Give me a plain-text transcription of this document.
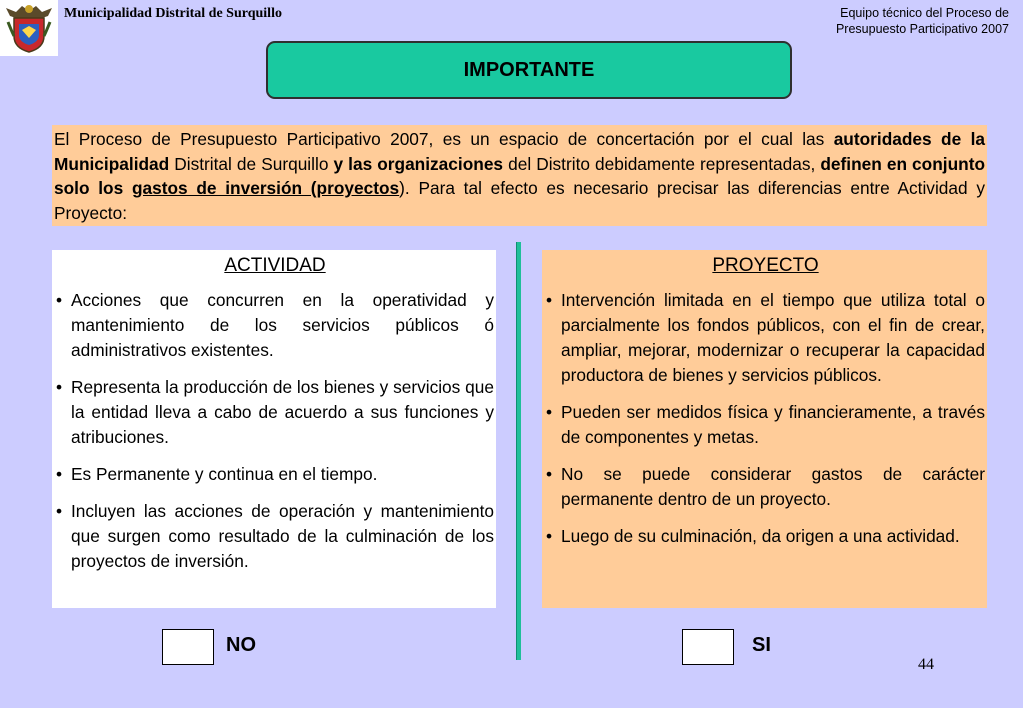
Municipalidad Distrital de Surquillo	Equipo técnico del Proceso de
Presupuesto Participativo 2007
IMPORTANTE
El Proceso de Presupuesto Participativo 2007, es un espacio de concertación por el cual las autoridades de la Municipalidad Distrital de Surquillo y las organizaciones del Distrito debidamente representadas, definen en conjunto solo los gastos de inversión (proyectos). Para tal efecto es necesario precisar las diferencias entre Actividad y Proyecto:
ACTIVIDAD
• Acciones que concurren en la operatividad y mantenimiento de los servicios públicos ó administrativos existentes.
• Representa la producción de los bienes y servicios que la entidad lleva a cabo de acuerdo a sus funciones y atribuciones.
• Es Permanente y continua en el tiempo.
• Incluyen las acciones de operación y mantenimiento que surgen como resultado de la culminación de los proyectos de inversión.
PROYECTO
• Intervención limitada en el tiempo que utiliza total o parcialmente los fondos públicos, con el fin de crear, ampliar, mejorar, modernizar o recuperar la capacidad productora de bienes y servicios públicos.
• Pueden ser medidos física y financieramente, a través de componentes y metas.
• No se puede considerar gastos de carácter permanente dentro de un proyecto.
• Luego de su culminación, da origen a una actividad.
NO	SI
44
